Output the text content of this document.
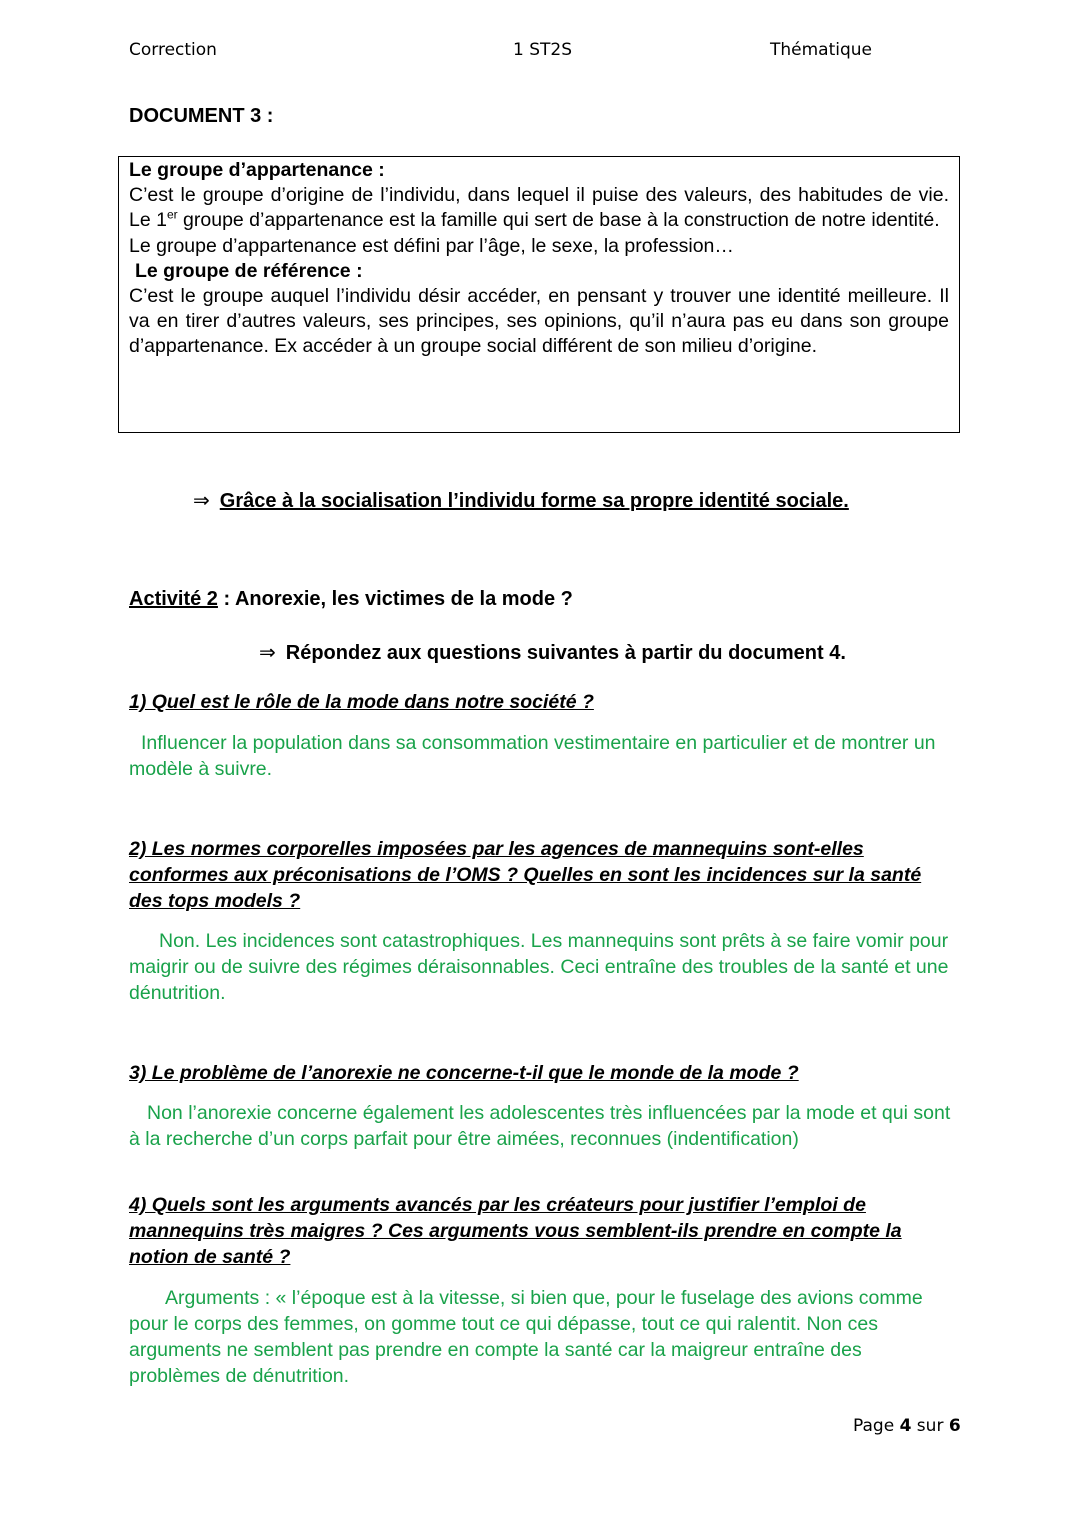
Correction	1 ST2S	Thématique
DOCUMENT 3 :

Le groupe d’appartenance :

C’est le groupe d’origine de l’individu, dans lequel il puise des valeurs, des habitudes de vie. Le 1er groupe d’appartenance est la famille qui sert de base à la construction de notre identité.

Le groupe d’appartenance est défini par l’âge, le sexe, la profession…

Le groupe de référence :

C’est le groupe auquel l’individu désir accéder, en pensant y trouver une identité meilleure. Il va en tirer d’autres valeurs, ses principes, ses opinions, qu’il n’aura pas eu dans son groupe d’appartenance. Ex accéder à un groupe social différent de son milieu d’origine.

⇒ Grâce à la socialisation l’individu forme sa propre identité sociale.
Activité 2 : Anorexie, les victimes de la mode ?
⇒ Répondez aux questions suivantes à partir du document 4.
1) Quel est le rôle de la mode dans notre société ?
Influencer la population dans sa consommation vestimentaire en particulier et de montrer un modèle à suivre.
2) Les normes corporelles imposées par les agences de mannequins sont-elles conformes aux préconisations de l’OMS ? Quelles en sont les incidences sur la santé des tops models ?
Non. Les incidences sont catastrophiques. Les mannequins sont prêts à se faire vomir pour maigrir ou de suivre des régimes déraisonnables. Ceci entraîne des troubles de la santé et une dénutrition.
3) Le problème de l’anorexie ne concerne-t-il que le monde de la mode ?
Non l’anorexie concerne également les adolescentes très influencées par la mode et qui sont à la recherche d’un corps parfait pour être aimées, reconnues (indentification)
4) Quels sont les arguments avancés par les créateurs pour justifier l’emploi de mannequins très maigres ? Ces arguments vous semblent-ils prendre en compte la notion de santé ?
Arguments : « l’époque est à la vitesse, si bien que, pour le fuselage des avions comme pour le corps des femmes, on gomme tout ce qui dépasse, tout ce qui ralentit. Non ces arguments ne semblent pas prendre en compte la santé car la maigreur entraîne des problèmes de dénutrition.
Page 4 sur 6
